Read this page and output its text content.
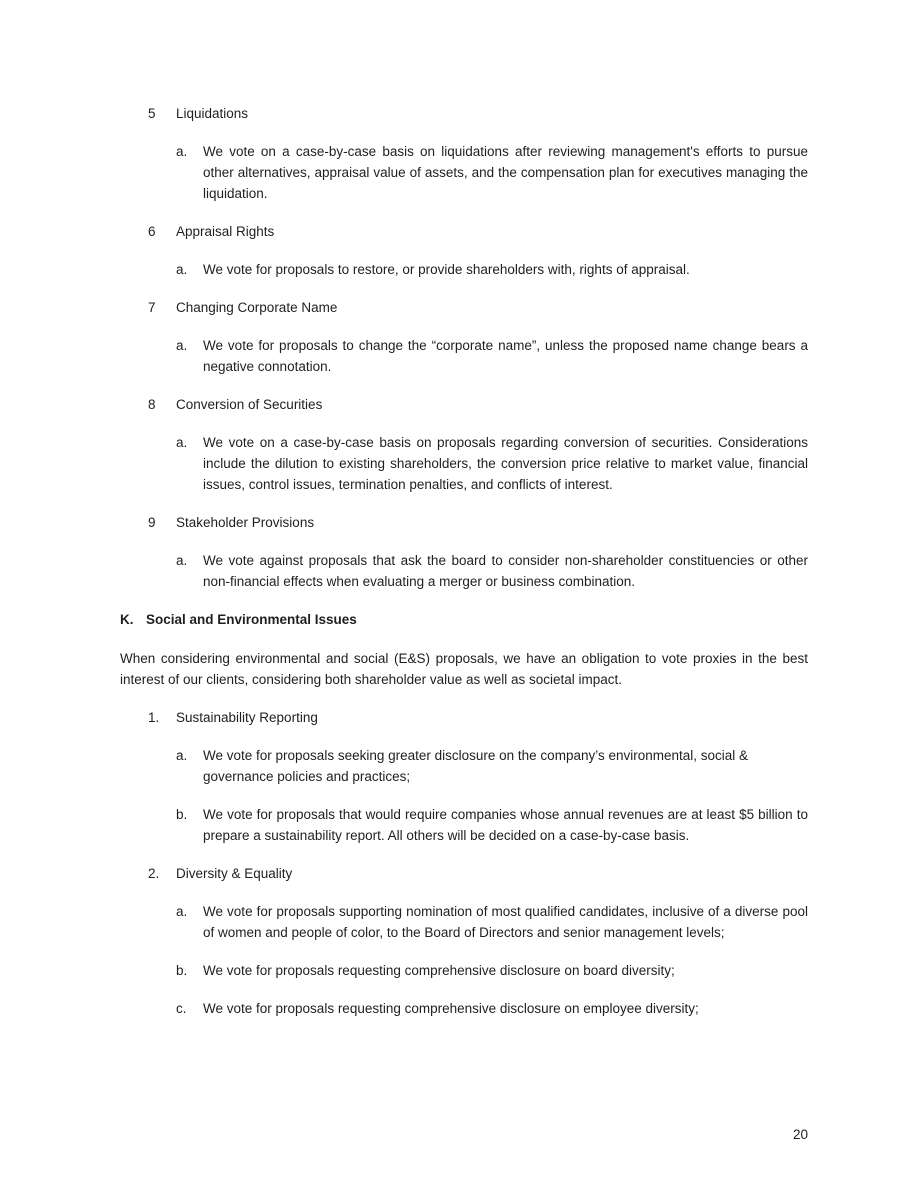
5	Liquidations
a.	We vote on a case-by-case basis on liquidations after reviewing management's efforts to pursue other alternatives, appraisal value of assets, and the compensation plan for executives managing the liquidation.

6	Appraisal Rights
a.	We vote for proposals to restore, or provide shareholders with, rights of appraisal.

7	Changing Corporate Name
a.	We vote for proposals to change the “corporate name”, unless the proposed name change bears a negative connotation.

8	Conversion of Securities
a.	We vote on a case-by-case basis on proposals regarding conversion of securities. Considerations include the dilution to existing shareholders, the conversion price relative to market value, financial issues, control issues, termination penalties, and conflicts of interest.

9	Stakeholder Provisions
a.	We vote against proposals that ask the board to consider non-shareholder constituencies or other non-financial effects when evaluating a merger or business combination.

K. Social and Environmental Issues

When considering environmental and social (E&S) proposals, we have an obligation to vote proxies in the best interest of our clients, considering both shareholder value as well as societal impact.

1.	Sustainability Reporting
a.	We vote for proposals seeking greater disclosure on the company’s environmental, social & governance policies and practices;

b.	We vote for proposals that would require companies whose annual revenues are at least $5 billion to prepare a sustainability report. All others will be decided on a case-by-case basis.

2.	Diversity & Equality
a.	We vote for proposals supporting nomination of most qualified candidates, inclusive of a diverse pool of women and people of color, to the Board of Directors and senior management levels;

b.	We vote for proposals requesting comprehensive disclosure on board diversity;

c.	We vote for proposals requesting comprehensive disclosure on employee diversity;

20
